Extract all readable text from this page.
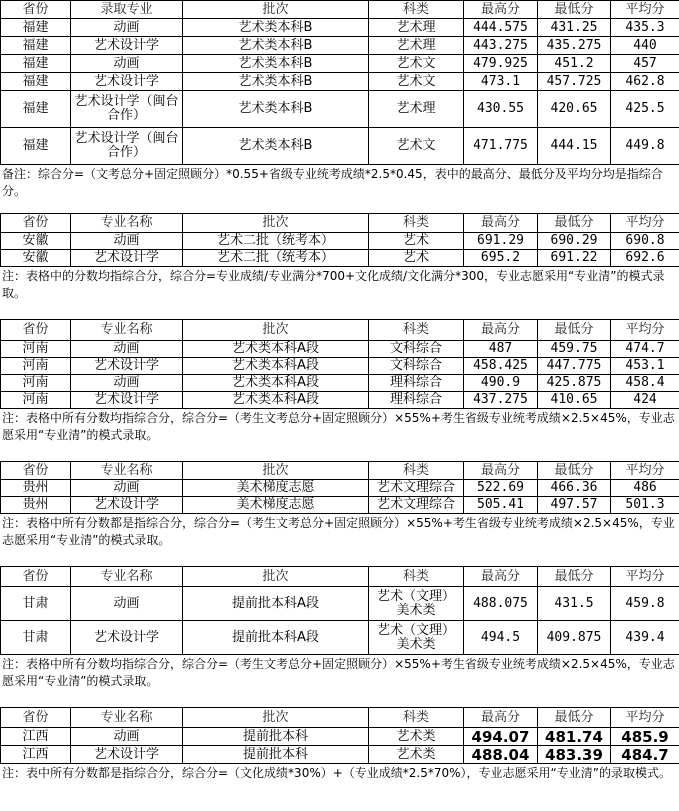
省份	录取专业	批次	科类	最高分	最低分	平均分
福建	动画	艺术类本科B	艺术理	444.575	431.25	435.3
福建	艺术设计学	艺术类本科B	艺术理	443.275	435.275	440
福建	动画	艺术类本科B	艺术文	479.925	451.2	457
福建	艺术设计学	艺术类本科B	艺术文	473.1	457.725	462.8
福建	艺术设计学（闽台合作）	艺术类本科B	艺术理	430.55	420.65	425.5
福建	艺术设计学（闽台合作）	艺术类本科B	艺术文	471.775	444.15	449.8
备注：综合分=（文考总分+固定照顾分）*0.55+省级专业统考成绩*2.5*0.45，表中的最高分、最低分及平均分均是指综合分。
省份	专业名称	批次	科类	最高分	最低分	平均分
安徽	动画	艺术二批（统考本）	艺术	691.29	690.29	690.8
安徽	艺术设计学	艺术二批（统考本）	艺术	695.2	691.22	692.6
注：表格中的分数均指综合分，综合分=专业成绩/专业满分*700+文化成绩/文化满分*300，专业志愿采用“专业清”的模式录取。
省份	专业名称	批次	科类	最高分	最低分	平均分
河南	动画	艺术类本科A段	文科综合	487	459.75	474.7
河南	艺术设计学	艺术类本科A段	文科综合	458.425	447.775	453.1
河南	动画	艺术类本科A段	理科综合	490.9	425.875	458.4
河南	艺术设计学	艺术类本科A段	理科综合	437.275	410.65	424
注：表格中所有分数均指综合分，综合分=（考生文考总分+固定照顾分）×55%+考生省级专业统考成绩×2.5×45%，专业志愿采用“专业清”的模式录取。
省份	专业名称	批次	科类	最高分	最低分	平均分
贵州	动画	美术梯度志愿	艺术文理综合	522.69	466.36	486
贵州	艺术设计学	美术梯度志愿	艺术文理综合	505.41	497.57	501.3
注：表格中所有分数都是指综合分，综合分=（考生文考总分+固定照顾分）×55%+考生省级专业统考成绩×2.5×45%，专业志愿采用“专业清”的模式录取。
省份	专业名称	批次	科类	最高分	最低分	平均分
甘肃	动画	提前批本科A段	艺术（文理）美术类	488.075	431.5	459.8
甘肃	艺术设计学	提前批本科A段	艺术（文理）美术类	494.5	409.875	439.4
注：表格中所有分数均指综合分，综合分=（考生文考总分+固定照顾分）×55%+考生省级专业统考成绩×2.5×45%，专业志愿采用“专业清”的模式录取。
省份	专业名称	批次	科类	最高分	最低分	平均分
江西	动画	提前批本科	艺术类	494.07	481.74	485.9
江西	艺术设计学	提前批本科	艺术类	488.04	483.39	484.7
注：表中所有分数都是指综合分，综合分=（文化成绩*30%）+（专业成绩*2.5*70%），专业志愿采用“专业清”的录取模式。
